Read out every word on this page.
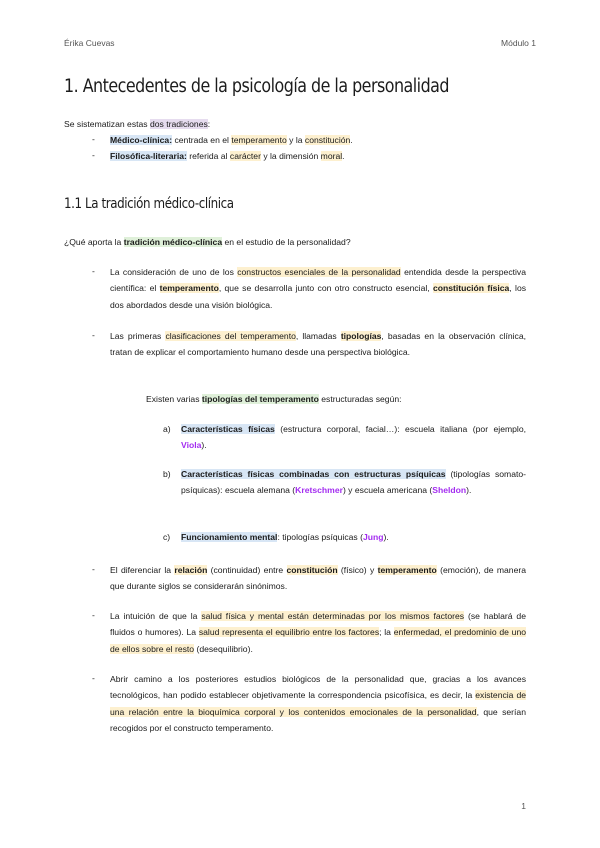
Érika Cuevas	Módulo 1
1. Antecedentes de la psicología de la personalidad
Se sistematizan estas dos tradiciones:
- Médico-clínica: centrada en el temperamento y la constitución.
- Filosófica-literaria: referida al carácter y la dimensión moral.
1.1 La tradición médico-clínica
¿Qué aporta la tradición médico-clínica en el estudio de la personalidad?
- La consideración de uno de los constructos esenciales de la personalidad entendida desde la perspectiva científica: el temperamento, que se desarrolla junto con otro constructo esencial, constitución física, los dos abordados desde una visión biológica.
- Las primeras clasificaciones del temperamento, llamadas tipologías, basadas en la observación clínica, tratan de explicar el comportamiento humano desde una perspectiva biológica.
Existen varias tipologías del temperamento estructuradas según:
a) Características físicas (estructura corporal, facial…): escuela italiana (por ejemplo, Viola).
b) Características físicas combinadas con estructuras psíquicas (tipologías somato-psíquicas): escuela alemana (Kretschmer) y escuela americana (Sheldon).
c) Funcionamiento mental: tipologías psíquicas (Jung).
- El diferenciar la relación (continuidad) entre constitución (físico) y temperamento (emoción), de manera que durante siglos se considerarán sinónimos.
- La intuición de que la salud física y mental están determinadas por los mismos factores (se hablará de fluidos o humores). La salud representa el equilibrio entre los factores; la enfermedad, el predominio de uno de ellos sobre el resto (desequilibrio).
- Abrir camino a los posteriores estudios biológicos de la personalidad que, gracias a los avances tecnológicos, han podido establecer objetivamente la correspondencia psicofísica, es decir, la existencia de una relación entre la bioquímica corporal y los contenidos emocionales de la personalidad, que serían recogidos por el constructo temperamento.
1
